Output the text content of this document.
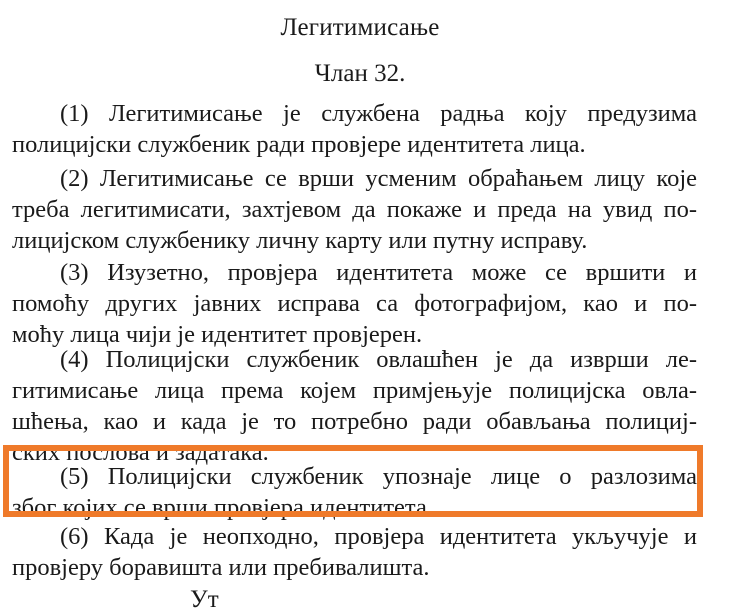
Легитимисање
Члан 32.
(1) Легитимисање је службена радња коју предузима
полицијски службеник ради провјере идентитета лица.
(2) Легитимисање се врши усменим обраћањем лицу које
треба легитимисати, захтјевом да покаже и преда на увид по-
лицијском службенику личну карту или путну исправу.
(3) Изузетно, провјера идентитета може се вршити и
помоћу других јавних исправа са фотографијом, као и по-
моћу лица чији је идентитет провјерен.
(4) Полицијски службеник овлашћен је да изврши ле-
гитимисање лица према којем примјењује полицијска овла-
шћења, као и када је то потребно ради обављања полициј-
ских послова и задатака.
(5) Полицијски службеник упознаје лице о разлозима
због којих се врши провјера идентитета.
(6) Када је неопходно, провјера идентитета укључује и
провјеру боравишта или пребивалишта.
Ут
